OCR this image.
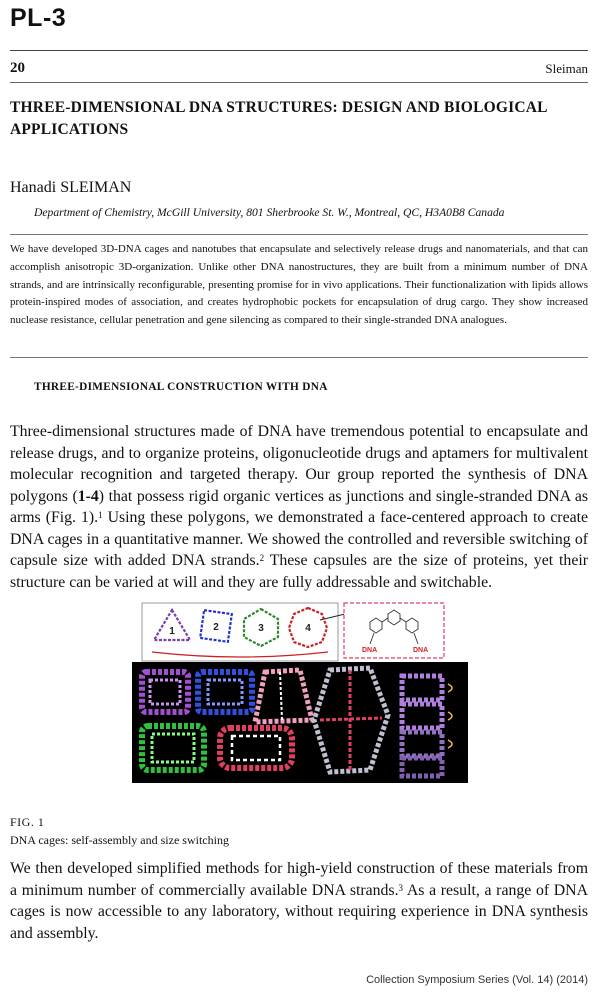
PL-3
20	Sleiman
THREE-DIMENSIONAL DNA STRUCTURES: DESIGN AND BIOLOGICAL APPLICATIONS
Hanadi SLEIMAN
Department of Chemistry, McGill University, 801 Sherbrooke St. W., Montreal, QC, H3A0B8 Canada
We have developed 3D-DNA cages and nanotubes that encapsulate and selectively release drugs and nanomaterials, and that can accomplish anisotropic 3D-organization. Unlike other DNA nanostructures, they are built from a minimum number of DNA strands, and are intrinsically reconfigurable, presenting promise for in vivo applications. Their functionalization with lipids allows protein-inspired modes of association, and creates hydrophobic pockets for encapsulation of drug cargo. They show increased nuclease resistance, cellular penetration and gene silencing as compared to their single-stranded DNA analogues.
THREE-DIMENSIONAL CONSTRUCTION WITH DNA
Three-dimensional structures made of DNA have tremendous potential to encapsulate and release drugs, and to organize proteins, oligonucleotide drugs and aptamers for multivalent molecular recognition and targeted therapy. Our group reported the synthesis of DNA polygons (1-4) that possess rigid organic vertices as junctions and single-stranded DNA as arms (Fig. 1).$^1$ Using these polygons, we demonstrated a face-centered approach to create DNA cages in a quantitative manner. We showed the controlled and reversible switching of capsule size with added DNA strands.$^2$ These capsules are the size of proteins, yet their structure can be varied at will and they are fully addressable and switchable.
1	2	3	4
DNA	DNA
FIG. 1
DNA cages: self-assembly and size switching
We then developed simplified methods for high-yield construction of these materials from a minimum number of commercially available DNA strands.$^3$ As a result, a range of DNA cages is now accessible to any laboratory, without requiring experience in DNA synthesis and assembly.
Collection Symposium Series (Vol. 14) (2014)
